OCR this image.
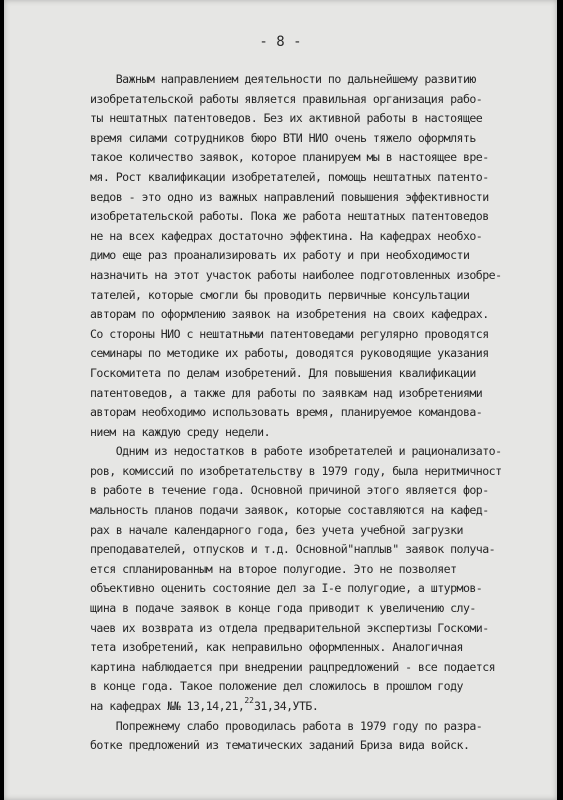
- 8 -
Важным направлением деятельности по дальнейшему развитию
изобретательской работы является правильная организация рабо-
ты нештатных патентоведов. Без их активной работы в настоящее
время силами сотрудников бюро ВТИ НИО очень тяжело оформлять
такое количество заявок, которое планируем мы в настоящее вре-
мя. Рост квалификации изобретателей, помощь нештатных патенто-
ведов - это одно из важных направлений повышения эффективности
изобретательской работы. Пока же работа нештатных патентоведов
не на всех кафедрах достаточно эффектина. На кафедрах необхо-
димо еще раз проанализировать их работу и при необходимости
назначить на этот участок работы наиболее подготовленных изобре-
тателей, которые смогли бы проводить первичные консультации
авторам по оформлению заявок на изобретения на своих кафедрах.
Со стороны НИО с нештатными патентоведами регулярно проводятся
семинары по методике их работы, доводятся руководящие указания
Госкомитета по делам изобретений. Для повышения квалификации
патентоведов, а также для работы по заявкам над изобретениями
авторам необходимо использовать время, планируемое командова-
нием на каждую среду недели.
Одним из недостатков в работе изобретателей и рационализато-
ров, комиссий по изобретательству в 1979 году, была неритмичност
в работе в течение года. Основной причиной этого является фор-
мальность планов подачи заявок, которые составляются на кафед-
рах в начале календарного года, без учета учебной загрузки
преподавателей, отпусков и т.д. Основной"наплыв" заявок получа-
ется спланированным на второе полугодие. Это не позволяет
объективно оценить состояние дел за I-е полугодие, а штурмов-
щина в подаче заявок в конце года приводит к увеличению слу-
чаев их возврата из отдела предварительной экспертизы Госкоми-
тета изобретений, как неправильно оформленных. Аналогичная
картина наблюдается при внедрении рацпредложений - все подается
в конце года. Такое положение дел сложилось в прошлом году
на кафедрах №№ 13,14,21,2231,34,УТБ.
Попрежнему слабо проводилась работа в 1979 году по разра-
ботке предложений из тематических заданий Бриза вида войск.
